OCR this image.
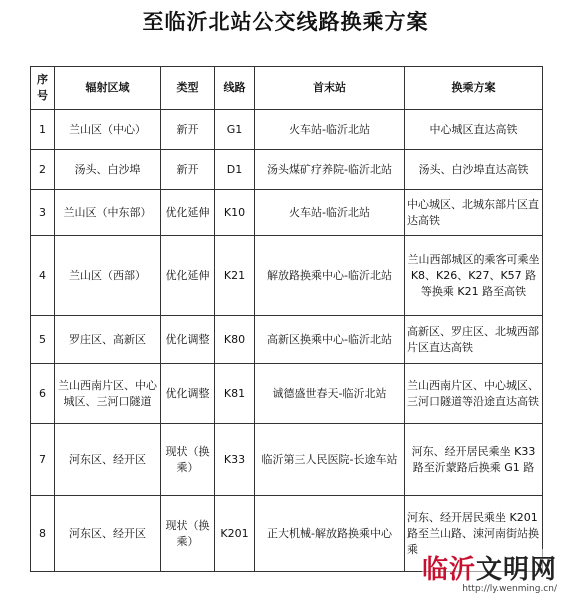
至临沂北站公交线路换乘方案
序号	辐射区域	类型	线路	首末站	换乘方案
1	兰山区（中心）	新开	G1	火车站-临沂北站	中心城区直达高铁
2	汤头、白沙埠	新开	D1	汤头煤矿疗养院-临沂北站	汤头、白沙埠直达高铁
3	兰山区（中东部）	优化延伸	K10	火车站-临沂北站	中心城区、北城东部片区直达高铁
4	兰山区（西部）	优化延伸	K21	解放路换乘中心-临沂北站	兰山西部城区的乘客可乘坐 K8、K26、K27、K57 路等换乘 K21 路至高铁
5	罗庄区、高新区	优化调整	K80	高新区换乘中心-临沂北站	高新区、罗庄区、北城西部片区直达高铁
6	兰山西南片区、中心城区、三河口隧道	优化调整	K81	诚德盛世春天-临沂北站	兰山西南片区、中心城区、三河口隧道等沿途直达高铁
7	河东区、经开区	现状（换乘）	K33	临沂第三人民医院-长途车站	河东、经开居民乘坐 K33 路至沂蒙路后换乘 G1 路
8	河东区、经开区	现状（换乘）	K201	正大机械-解放路换乘中心	河东、经开居民乘坐 K201 路至兰山路、涑河南街站换乘
临沂文明网
http://ly.wenming.cn/
